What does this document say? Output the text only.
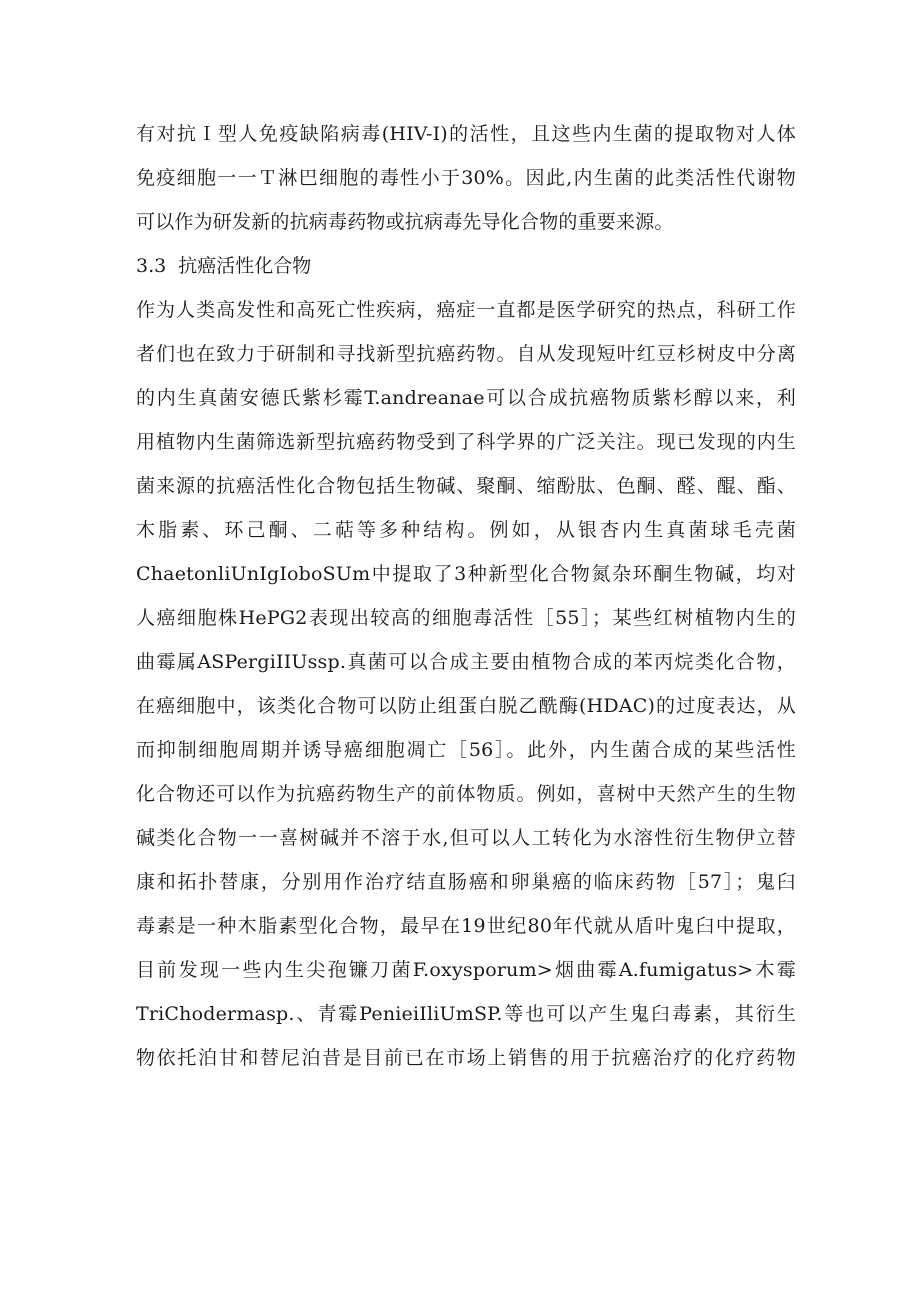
有对抗Ｉ型人免疫缺陷病毒(HIV-I)的活性，且这些内生菌的提取物对人体
免疫细胞一一Ｔ淋巴细胞的毒性小于30%。因此,内生菌的此类活性代谢物
可以作为研发新的抗病毒药物或抗病毒先导化合物的重要来源。
3.3 抗癌活性化合物
作为人类高发性和高死亡性疾病，癌症一直都是医学研究的热点，科研工作
者们也在致力于研制和寻找新型抗癌药物。自从发现短叶红豆杉树皮中分离
的内生真菌安德氏紫杉霉T.andreanae可以合成抗癌物质紫杉醇以来，利
用植物内生菌筛选新型抗癌药物受到了科学界的广泛关注。现已发现的内生
菌来源的抗癌活性化合物包括生物碱、聚酮、缩酚肽、色酮、醛、醌、酯、
木脂素、环己酮、二萜等多种结构。例如，从银杏内生真菌球毛壳菌
ChaetonliUnIgIoboSUm中提取了3种新型化合物氮杂环酮生物碱，均对
人癌细胞株HePG2表现出较高的细胞毒活性［55］；某些红树植物内生的
曲霉属ASPergiIIUssp.真菌可以合成主要由植物合成的苯丙烷类化合物，
在癌细胞中，该类化合物可以防止组蛋白脱乙酰酶(HDAC)的过度表达，从
而抑制细胞周期并诱导癌细胞凋亡［56］。此外，内生菌合成的某些活性
化合物还可以作为抗癌药物生产的前体物质。例如，喜树中天然产生的生物
碱类化合物一一喜树碱并不溶于水,但可以人工转化为水溶性衍生物伊立替
康和拓扑替康，分别用作治疗结直肠癌和卵巢癌的临床药物［57］；鬼臼
毒素是一种木脂素型化合物，最早在19世纪80年代就从盾叶鬼臼中提取，
目前发现一些内生尖孢镰刀菌F.oxysporum>烟曲霉A.fumigatus>木霉
TriChodermasp.、青霉PenieiIliUmSP.等也可以产生鬼臼毒素，其衍生
物依托泊甘和替尼泊昔是目前已在市场上销售的用于抗癌治疗的化疗药物
